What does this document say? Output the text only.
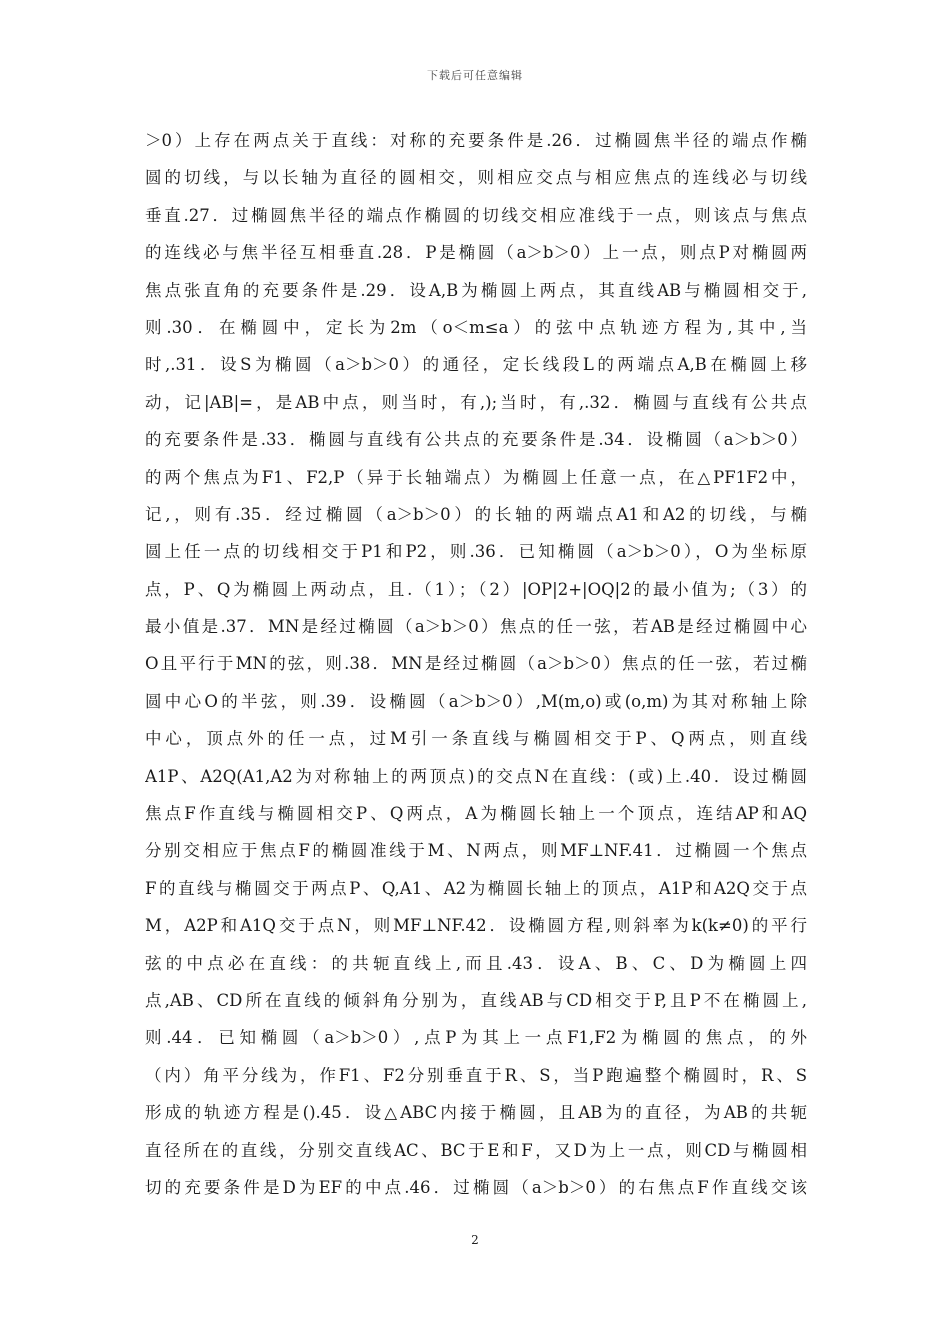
下载后可任意编辑
＞0）上存在两点关于直线：对称的充要条件是.26．过椭圆焦半径的端点作椭
圆的切线，与以长轴为直径的圆相交，则相应交点与相应焦点的连线必与切线
垂直.27．过椭圆焦半径的端点作椭圆的切线交相应准线于一点，则该点与焦点
的连线必与焦半径互相垂直.28．P是椭圆（a＞b＞0）上一点，则点P对椭圆两
焦点张直角的充要条件是.29．设A,B为椭圆上两点，其直线AB与椭圆相交于,
则.30．在椭圆中，定长为2m（o＜m≤a）的弦中点轨迹方程为,其中,当
时,.31．设S为椭圆（a＞b＞0）的通径，定长线段L的两端点A,B在椭圆上移
动，记|AB|=，是AB中点，则当时，有,);当时，有,.32．椭圆与直线有公共点
的充要条件是.33．椭圆与直线有公共点的充要条件是.34．设椭圆（a＞b＞0）
的两个焦点为F1、F2,P（异于长轴端点）为椭圆上任意一点，在△PF1F2中，
记,，则有.35．经过椭圆（a＞b＞0）的长轴的两端点A1和A2的切线，与椭
圆上任一点的切线相交于P1和P2，则.36．已知椭圆（a＞b＞0），O为坐标原
点，P、Q为椭圆上两动点，且.（1）；（2）|OP|2+|OQ|2的最小值为;（3）的
最小值是.37．MN是经过椭圆（a＞b＞0）焦点的任一弦，若AB是经过椭圆中心
O且平行于MN的弦，则.38．MN是经过椭圆（a＞b＞0）焦点的任一弦，若过椭
圆中心O的半弦，则.39．设椭圆（a＞b＞0）,M(m,o)或(o,m)为其对称轴上除
中心，顶点外的任一点，过M引一条直线与椭圆相交于P、Q两点，则直线
A1P、A2Q(A1,A2为对称轴上的两顶点)的交点N在直线：(或)上.40．设过椭圆
焦点F作直线与椭圆相交P、Q两点，A为椭圆长轴上一个顶点，连结AP和AQ
分别交相应于焦点F的椭圆准线于M、N两点，则MF⊥NF.41．过椭圆一个焦点
F的直线与椭圆交于两点P、Q,A1、A2为椭圆长轴上的顶点，A1P和A2Q交于点
M，A2P和A1Q交于点N，则MF⊥NF.42．设椭圆方程,则斜率为k(k≠0)的平行
弦的中点必在直线：的共轭直线上,而且.43．设A、B、C、D为椭圆上四
点,AB、CD所在直线的倾斜角分别为，直线AB与CD相交于P,且P不在椭圆上,
则.44．已知椭圆（a＞b＞0）,点P为其上一点F1,F2为椭圆的焦点，的外
（内）角平分线为，作F1、F2分别垂直于R、S，当P跑遍整个椭圆时，R、S
形成的轨迹方程是().45．设△ABC内接于椭圆，且AB为的直径，为AB的共轭
直径所在的直线，分别交直线AC、BC于E和F，又D为上一点，则CD与椭圆相
切的充要条件是D为EF的中点.46．过椭圆（a＞b＞0）的右焦点F作直线交该
2
